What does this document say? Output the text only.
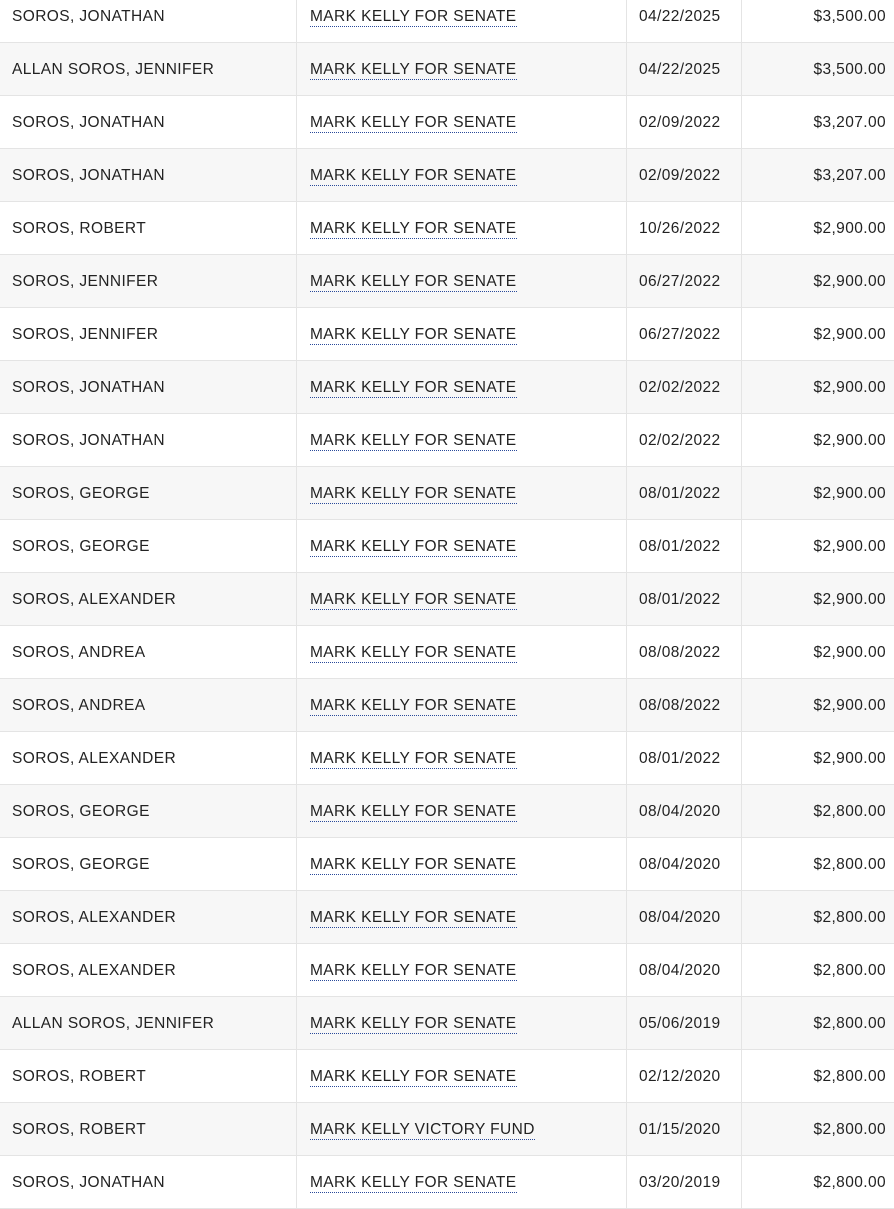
SOROS, JONATHAN	MARK KELLY FOR SENATE	04/22/2025	$3,500.00
ALLAN SOROS, JENNIFER	MARK KELLY FOR SENATE	04/22/2025	$3,500.00
SOROS, JONATHAN	MARK KELLY FOR SENATE	02/09/2022	$3,207.00
SOROS, JONATHAN	MARK KELLY FOR SENATE	02/09/2022	$3,207.00
SOROS, ROBERT	MARK KELLY FOR SENATE	10/26/2022	$2,900.00
SOROS, JENNIFER	MARK KELLY FOR SENATE	06/27/2022	$2,900.00
SOROS, JENNIFER	MARK KELLY FOR SENATE	06/27/2022	$2,900.00
SOROS, JONATHAN	MARK KELLY FOR SENATE	02/02/2022	$2,900.00
SOROS, JONATHAN	MARK KELLY FOR SENATE	02/02/2022	$2,900.00
SOROS, GEORGE	MARK KELLY FOR SENATE	08/01/2022	$2,900.00
SOROS, GEORGE	MARK KELLY FOR SENATE	08/01/2022	$2,900.00
SOROS, ALEXANDER	MARK KELLY FOR SENATE	08/01/2022	$2,900.00
SOROS, ANDREA	MARK KELLY FOR SENATE	08/08/2022	$2,900.00
SOROS, ANDREA	MARK KELLY FOR SENATE	08/08/2022	$2,900.00
SOROS, ALEXANDER	MARK KELLY FOR SENATE	08/01/2022	$2,900.00
SOROS, GEORGE	MARK KELLY FOR SENATE	08/04/2020	$2,800.00
SOROS, GEORGE	MARK KELLY FOR SENATE	08/04/2020	$2,800.00
SOROS, ALEXANDER	MARK KELLY FOR SENATE	08/04/2020	$2,800.00
SOROS, ALEXANDER	MARK KELLY FOR SENATE	08/04/2020	$2,800.00
ALLAN SOROS, JENNIFER	MARK KELLY FOR SENATE	05/06/2019	$2,800.00
SOROS, ROBERT	MARK KELLY FOR SENATE	02/12/2020	$2,800.00
SOROS, ROBERT	MARK KELLY VICTORY FUND	01/15/2020	$2,800.00
SOROS, JONATHAN	MARK KELLY FOR SENATE	03/20/2019	$2,800.00
